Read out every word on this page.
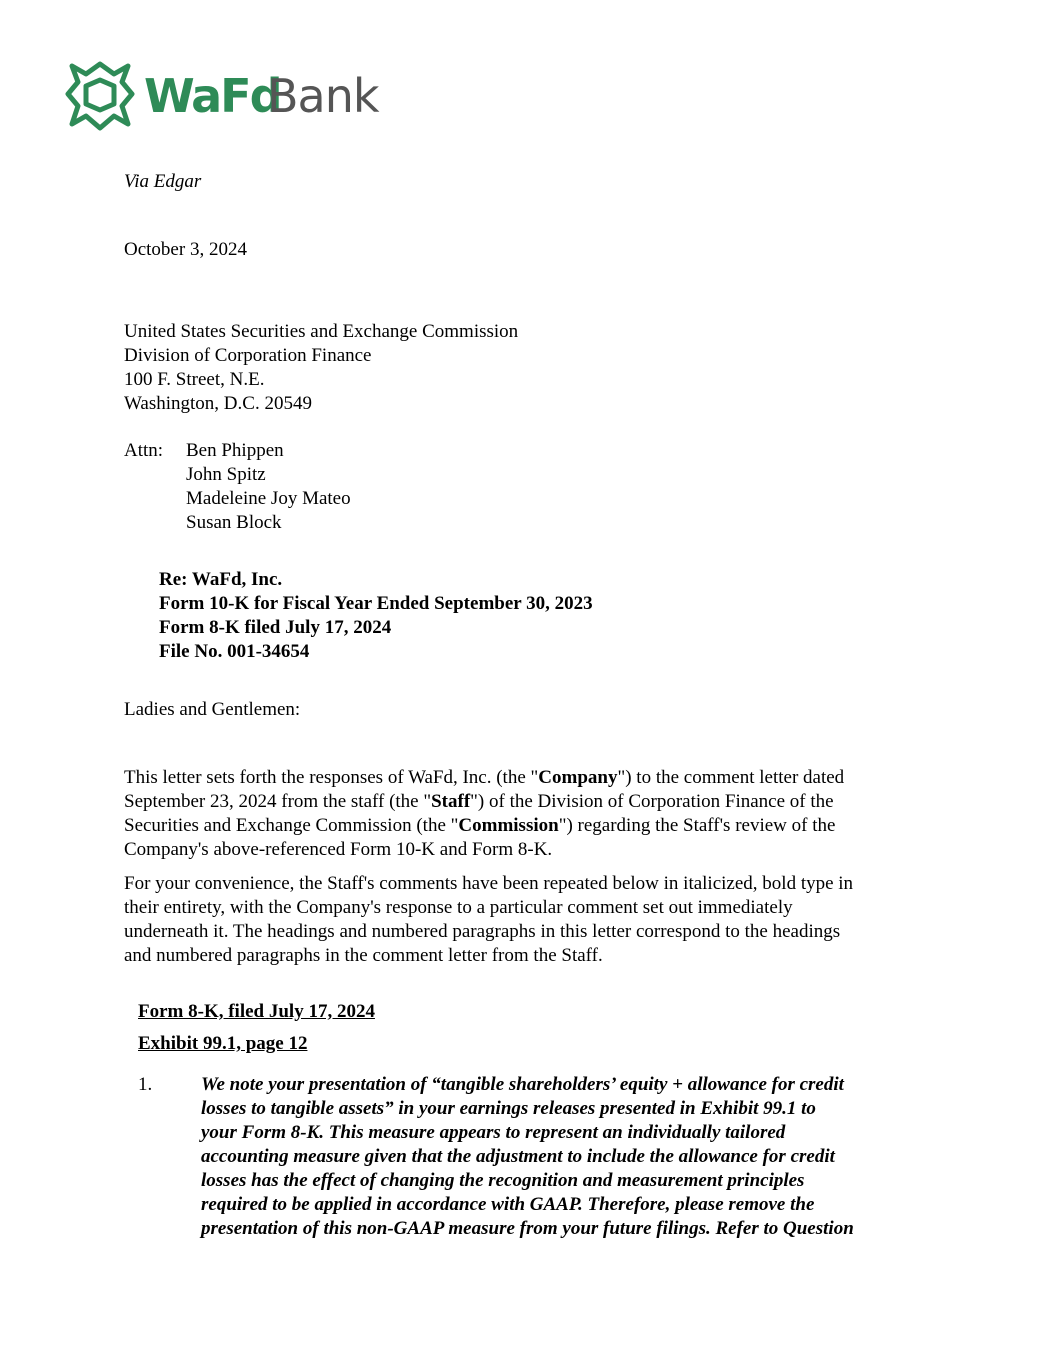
WaFd
Bank
Via Edgar
October 3, 2024
United States Securities and Exchange Commission
Division of Corporation Finance
100 F. Street, N.E.
Washington, D.C. 20549
Attn: Ben Phippen
John Spitz
Madeleine Joy Mateo
Susan Block
Re: WaFd, Inc.
Form 10-K for Fiscal Year Ended September 30, 2023
Form 8-K filed July 17, 2024
File No. 001-34654
Ladies and Gentlemen:
This letter sets forth the responses of WaFd, Inc. (the "Company") to the comment letter dated
September 23, 2024 from the staff (the "Staff") of the Division of Corporation Finance of the
Securities and Exchange Commission (the "Commission") regarding the Staff's review of the
Company's above-referenced Form 10-K and Form 8-K.
For your convenience, the Staff's comments have been repeated below in italicized, bold type in
their entirety, with the Company's response to a particular comment set out immediately
underneath it. The headings and numbered paragraphs in this letter correspond to the headings
and numbered paragraphs in the comment letter from the Staff.
Form 8-K, filed July 17, 2024
Exhibit 99.1, page 12
1.	We note your presentation of “tangible shareholders’ equity + allowance for credit
losses to tangible assets” in your earnings releases presented in Exhibit 99.1 to
your Form 8-K. This measure appears to represent an individually tailored
accounting measure given that the adjustment to include the allowance for credit
losses has the effect of changing the recognition and measurement principles
required to be applied in accordance with GAAP. Therefore, please remove the
presentation of this non-GAAP measure from your future filings. Refer to Question
